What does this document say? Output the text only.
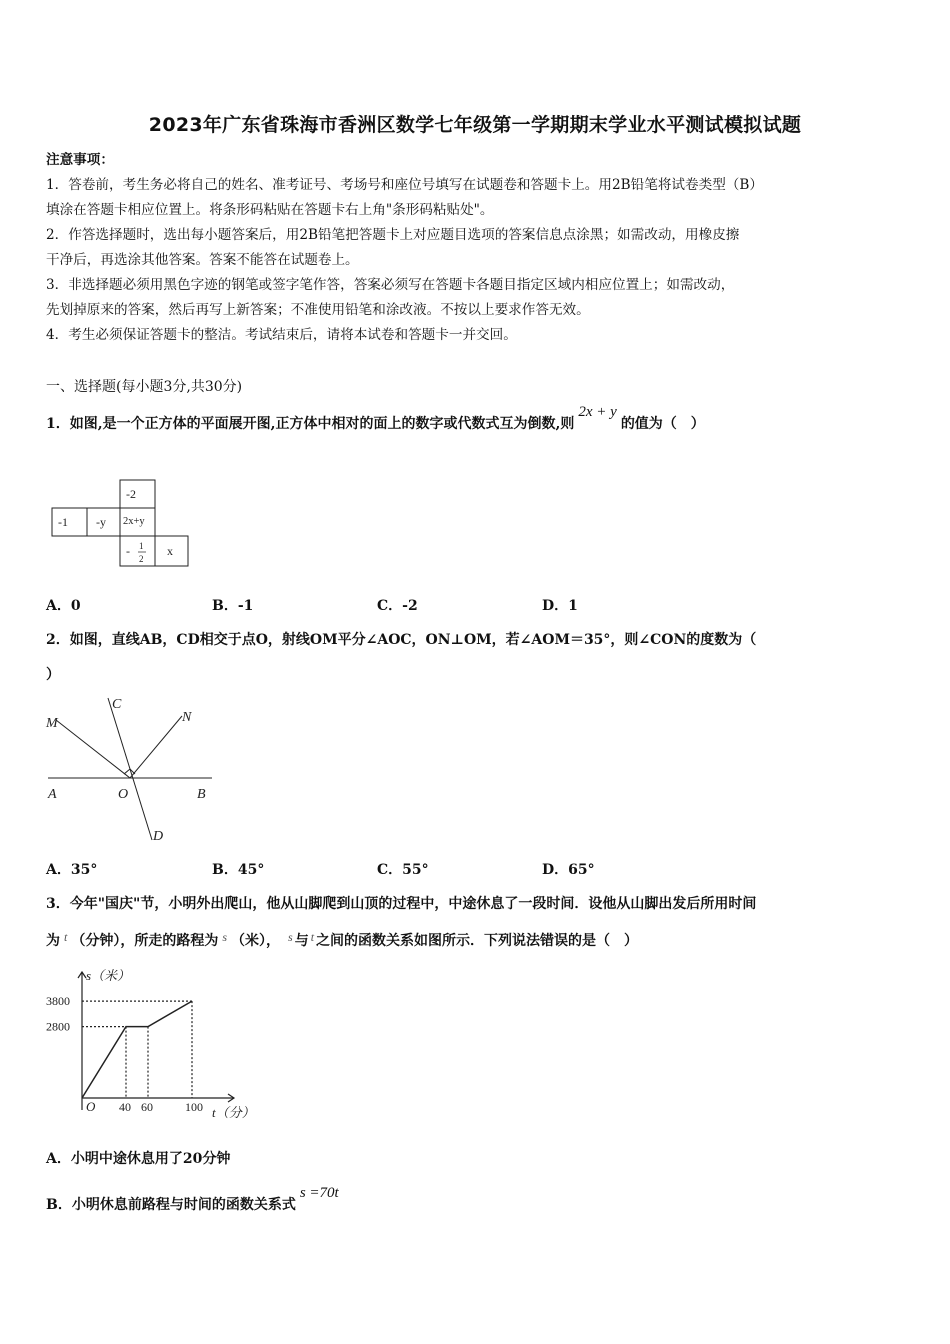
2023年广东省珠海市香洲区数学七年级第一学期期末学业水平测试模拟试题
注意事项：
1．答卷前，考生务必将自己的姓名、准考证号、考场号和座位号填写在试题卷和答题卡上。用2B铅笔将试卷类型（B）
填涂在答题卡相应位置上。将条形码粘贴在答题卡右上角"条形码粘贴处"。
2．作答选择题时，选出每小题答案后，用2B铅笔把答题卡上对应题目选项的答案信息点涂黑；如需改动，用橡皮擦
干净后，再选涂其他答案。答案不能答在试题卷上。
3．非选择题必须用黑色字迹的钢笔或签字笔作答，答案必须写在答题卡各题目指定区域内相应位置上；如需改动，
先划掉原来的答案，然后再写上新答案；不准使用铅笔和涂改液。不按以上要求作答无效。
4．考生必须保证答题卡的整洁。考试结束后，请将本试卷和答题卡一并交回。
一、选择题(每小题3分,共30分)
1．如图,是一个正方体的平面展开图,正方体中相对的面上的数字或代数式互为倒数,则2x + y的值为（　）
-2
-1 -y 2x+y
- 1
2
x
A．0	B．-1	C．-2	D．1
2．如图，直线AB，CD相交于点O，射线OM平分∠AOC，ON⊥OM，若∠AOM＝35°，则∠CON的度数为（
）
M
C
N
A	O	B
D
A．35°	B．45°	C．55°	D．65°
3．今年"国庆"节，小明外出爬山，他从山脚爬到山顶的过程中，中途休息了一段时间．设他从山脚出发后所用时间
为 t （分钟），所走的路程为 s （米）， s 与 t 之间的函数关系如图所示．下列说法错误的是（　）
s（米）
t（分）
O
3800
2800
40 60	100
A．小明中途休息用了20分钟
B．小明休息前路程与时间的函数关系式s =70t
